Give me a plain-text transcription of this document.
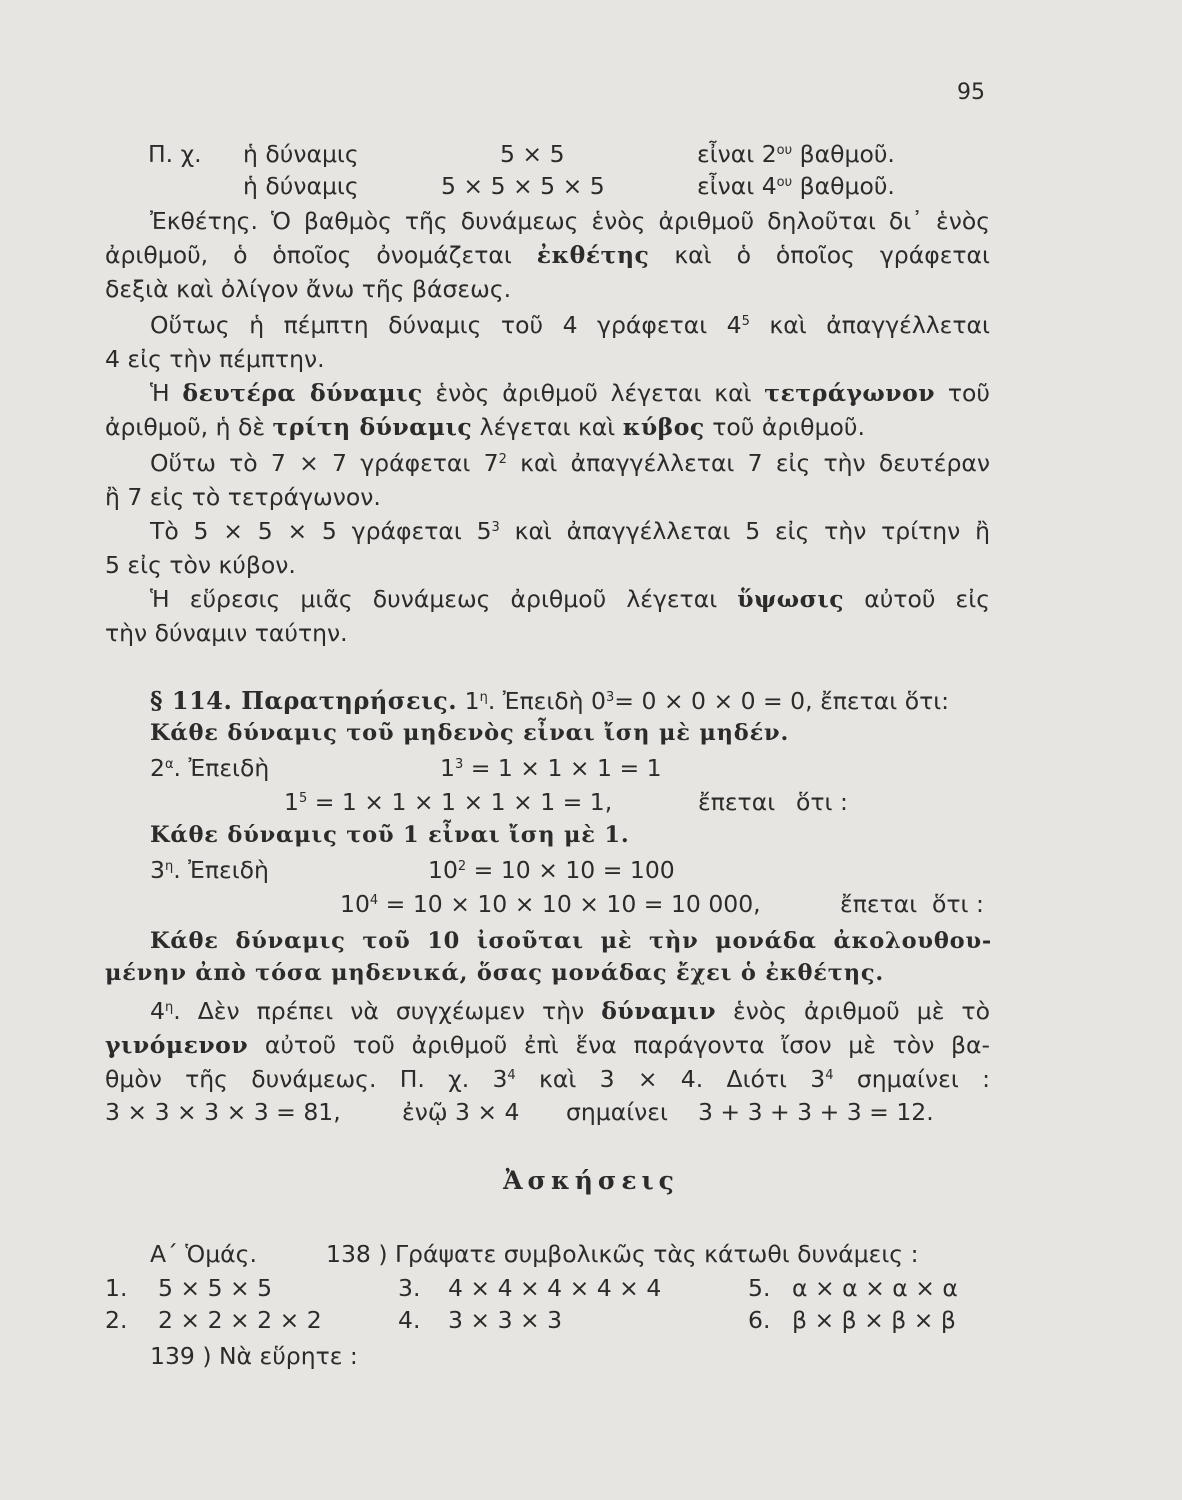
95
Π. χ. ἡ δύναμις	5 × 5	εἶναι $2^{o\upsilon}$ βαθμοῦ.
ἡ δύναμις	5 × 5 × 5 × 5	εἶναι $4^{o\upsilon}$ βαθμοῦ.
Ἐκθέτης. Ὁ βαθμὸς τῆς δυνάμεως ἑνὸς ἀριθμοῦ δηλοῦται δι᾽ ἑνὸς
ἀριθμοῦ, ὁ ὁποῖος ὀνομάζεται ἐκθέτης καὶ ὁ ὁποῖος γράφεται
δεξιὰ καὶ ὀλίγον ἄνω τῆς βάσεως.
Οὕτως ἡ πέμπτη δύναμις τοῦ 4 γράφεται $4^5$ καὶ ἀπαγγέλλεται
4 εἰς τὴν πέμπτην.
Ἡ δευτέρα δύναμις ἑνὸς ἀριθμοῦ λέγεται καὶ τετράγωνον τοῦ
ἀριθμοῦ, ἡ δὲ τρίτη δύναμις λέγεται καὶ κύβος τοῦ ἀριθμοῦ.
Οὕτω τὸ 7 × 7 γράφεται $7^2$ καὶ ἀπαγγέλλεται 7 εἰς τὴν δευτέραν
ἢ 7 εἰς τὸ τετράγωνον.
Τὸ 5 × 5 × 5 γράφεται $5^3$ καὶ ἀπαγγέλλεται 5 εἰς τὴν τρίτην ἢ
5 εἰς τὸν κύβον.
Ἡ εὕρεσις μιᾶς δυνάμεως ἀριθμοῦ λέγεται ὕψωσις αὐτοῦ εἰς
τὴν δύναμιν ταύτην.
§ 114. Παρατηρήσεις. $1^\eta$. Ἐπειδὴ $0^3= 0 \times 0 \times 0 = 0$, ἔπεται ὅτι:
Κάθε δύναμις τοῦ μηδενὸς εἶναι ἴση μὲ μηδέν.
$2^\alpha$. Ἐπειδὴ	$1^3 = 1 \times 1 \times 1 = 1$
$1^5 = 1 \times 1 \times 1 \times 1 \times 1 = 1$,	ἔπεται ὅτι :
Κάθε δύναμις τοῦ 1 εἶναι ἴση μὲ 1.
$3^\eta$. Ἐπειδὴ	$10^2 = 10 \times 10 = 100$
$10^4 = 10 \times 10 \times 10 \times 10 = 10$ 000,	ἔπεται ὅτι :
Κάθε δύναμις τοῦ 10 ἰσοῦται μὲ τὴν μονάδα ἀκολουθου-
μένην ἀπὸ τόσα μηδενικά, ὅσας μονάδας ἔχει ὁ ἐκθέτης.
$4^\eta$. Δὲν πρέπει νὰ συγχέωμεν τὴν δύναμιν ἑνὸς ἀριθμοῦ μὲ τὸ
γινόμενον αὐτοῦ τοῦ ἀριθμοῦ ἐπὶ ἕνα παράγοντα ἴσον μὲ τὸν βα-
θμὸν τῆς δυνάμεως. Π. χ. $3^4$ καὶ 3 × 4. Διότι $3^4$ σημαίνει :
3 × 3 × 3 × 3 = 81,	ἐνῷ 3 × 4 σημαίνει 3 + 3 + 3 + 3 = 12.
Ἀσκήσεις
Α΄ Ὁμάς.	138 ) Γράψατε συμβολικῶς τὰς κάτωθι δυνάμεις :
1. 5 × 5 × 5	3. 4 × 4 × 4 × 4 × 4	5. α × α × α × α
2. 2 × 2 × 2 × 2	4. 3 × 3 × 3	6. β × β × β × β
139 ) Νὰ εὕρητε :
